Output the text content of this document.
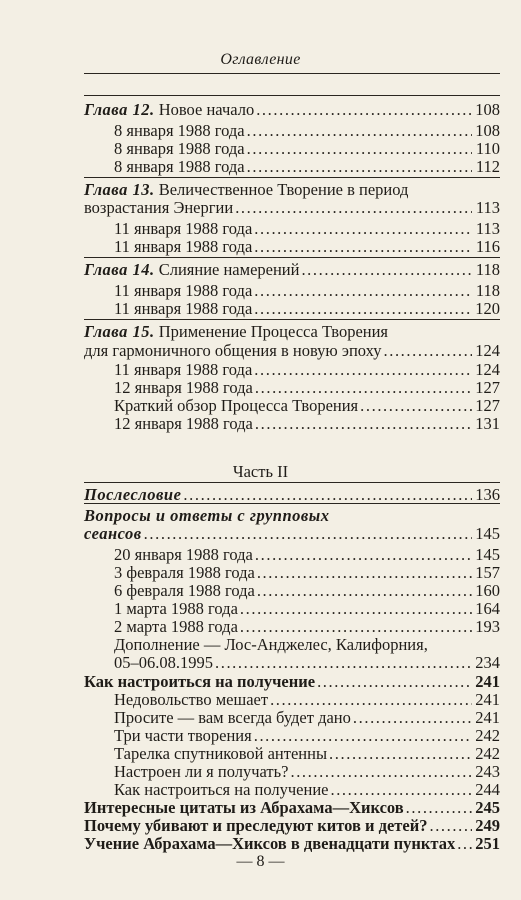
Оглавление
Глава 12.
Новое начало .....	108
8 января 1988 года .....	108
8 января 1988 года .....	110
8 января 1988 года .....	112
Глава 13.
Величественное Творение в период
возрастания Энергии .....	113
11 января 1988 года .....	113
11 января 1988 года .....	116
Глава 14.
Слияние намерений .....	118
11 января 1988 года .....	118
11 января 1988 года .....	120
Глава 15.
Применение Процесса Творения
для гармоничного общения в новую эпоху .....	124
11 января 1988 года .....	124
12 января 1988 года .....	127
Краткий обзор Процесса Творения .....	127
12 января 1988 года .....	131
Послесловие .....	136
Вопросы и ответы с групповых
сеансов .....	145
20 января 1988 года .....	145
3 февраля 1988 года .....	157
6 февраля 1988 года .....	160
1 марта 1988 года .....	164
2 марта 1988 года .....	193
Дополнение — Лос-Анджелес, Калифорния,
05–06.08.1995 .....	234
Как настроиться на получение .....	241
Недовольство мешает .....	241
Просите — вам всегда будет дано .....	241
Три части творения .....	242
Тарелка спутниковой антенны .....	242
Настроен ли я получать? .....	243
Как настроиться на получение .....	244
Интересные цитаты из Абрахама—Хиксов .....	245
Почему убивают и преследуют китов и детей? .....	249
Учение Абрахама—Хиксов в двенадцати пунктах ..... 251
Часть II
— 8 —
